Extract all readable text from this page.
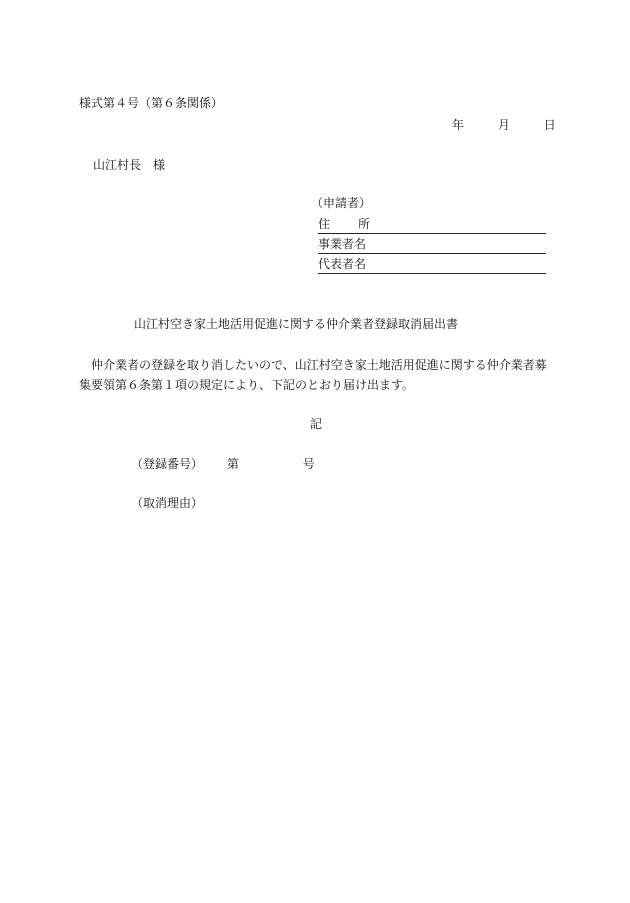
様式第４号（第６条関係）
年	月	日
山江村長　様
（申請者）
住 所
事業者名
代表者名
山江村空き家土地活用促進に関する仲介業者登録取消届出書
仲介業者の登録を取り消したいので、山江村空き家土地活用促進に関する仲介業者募集要領第６条第１項の規定により、下記のとおり届け出ます。
記
（登録番号） 第	号
（取消理由）
